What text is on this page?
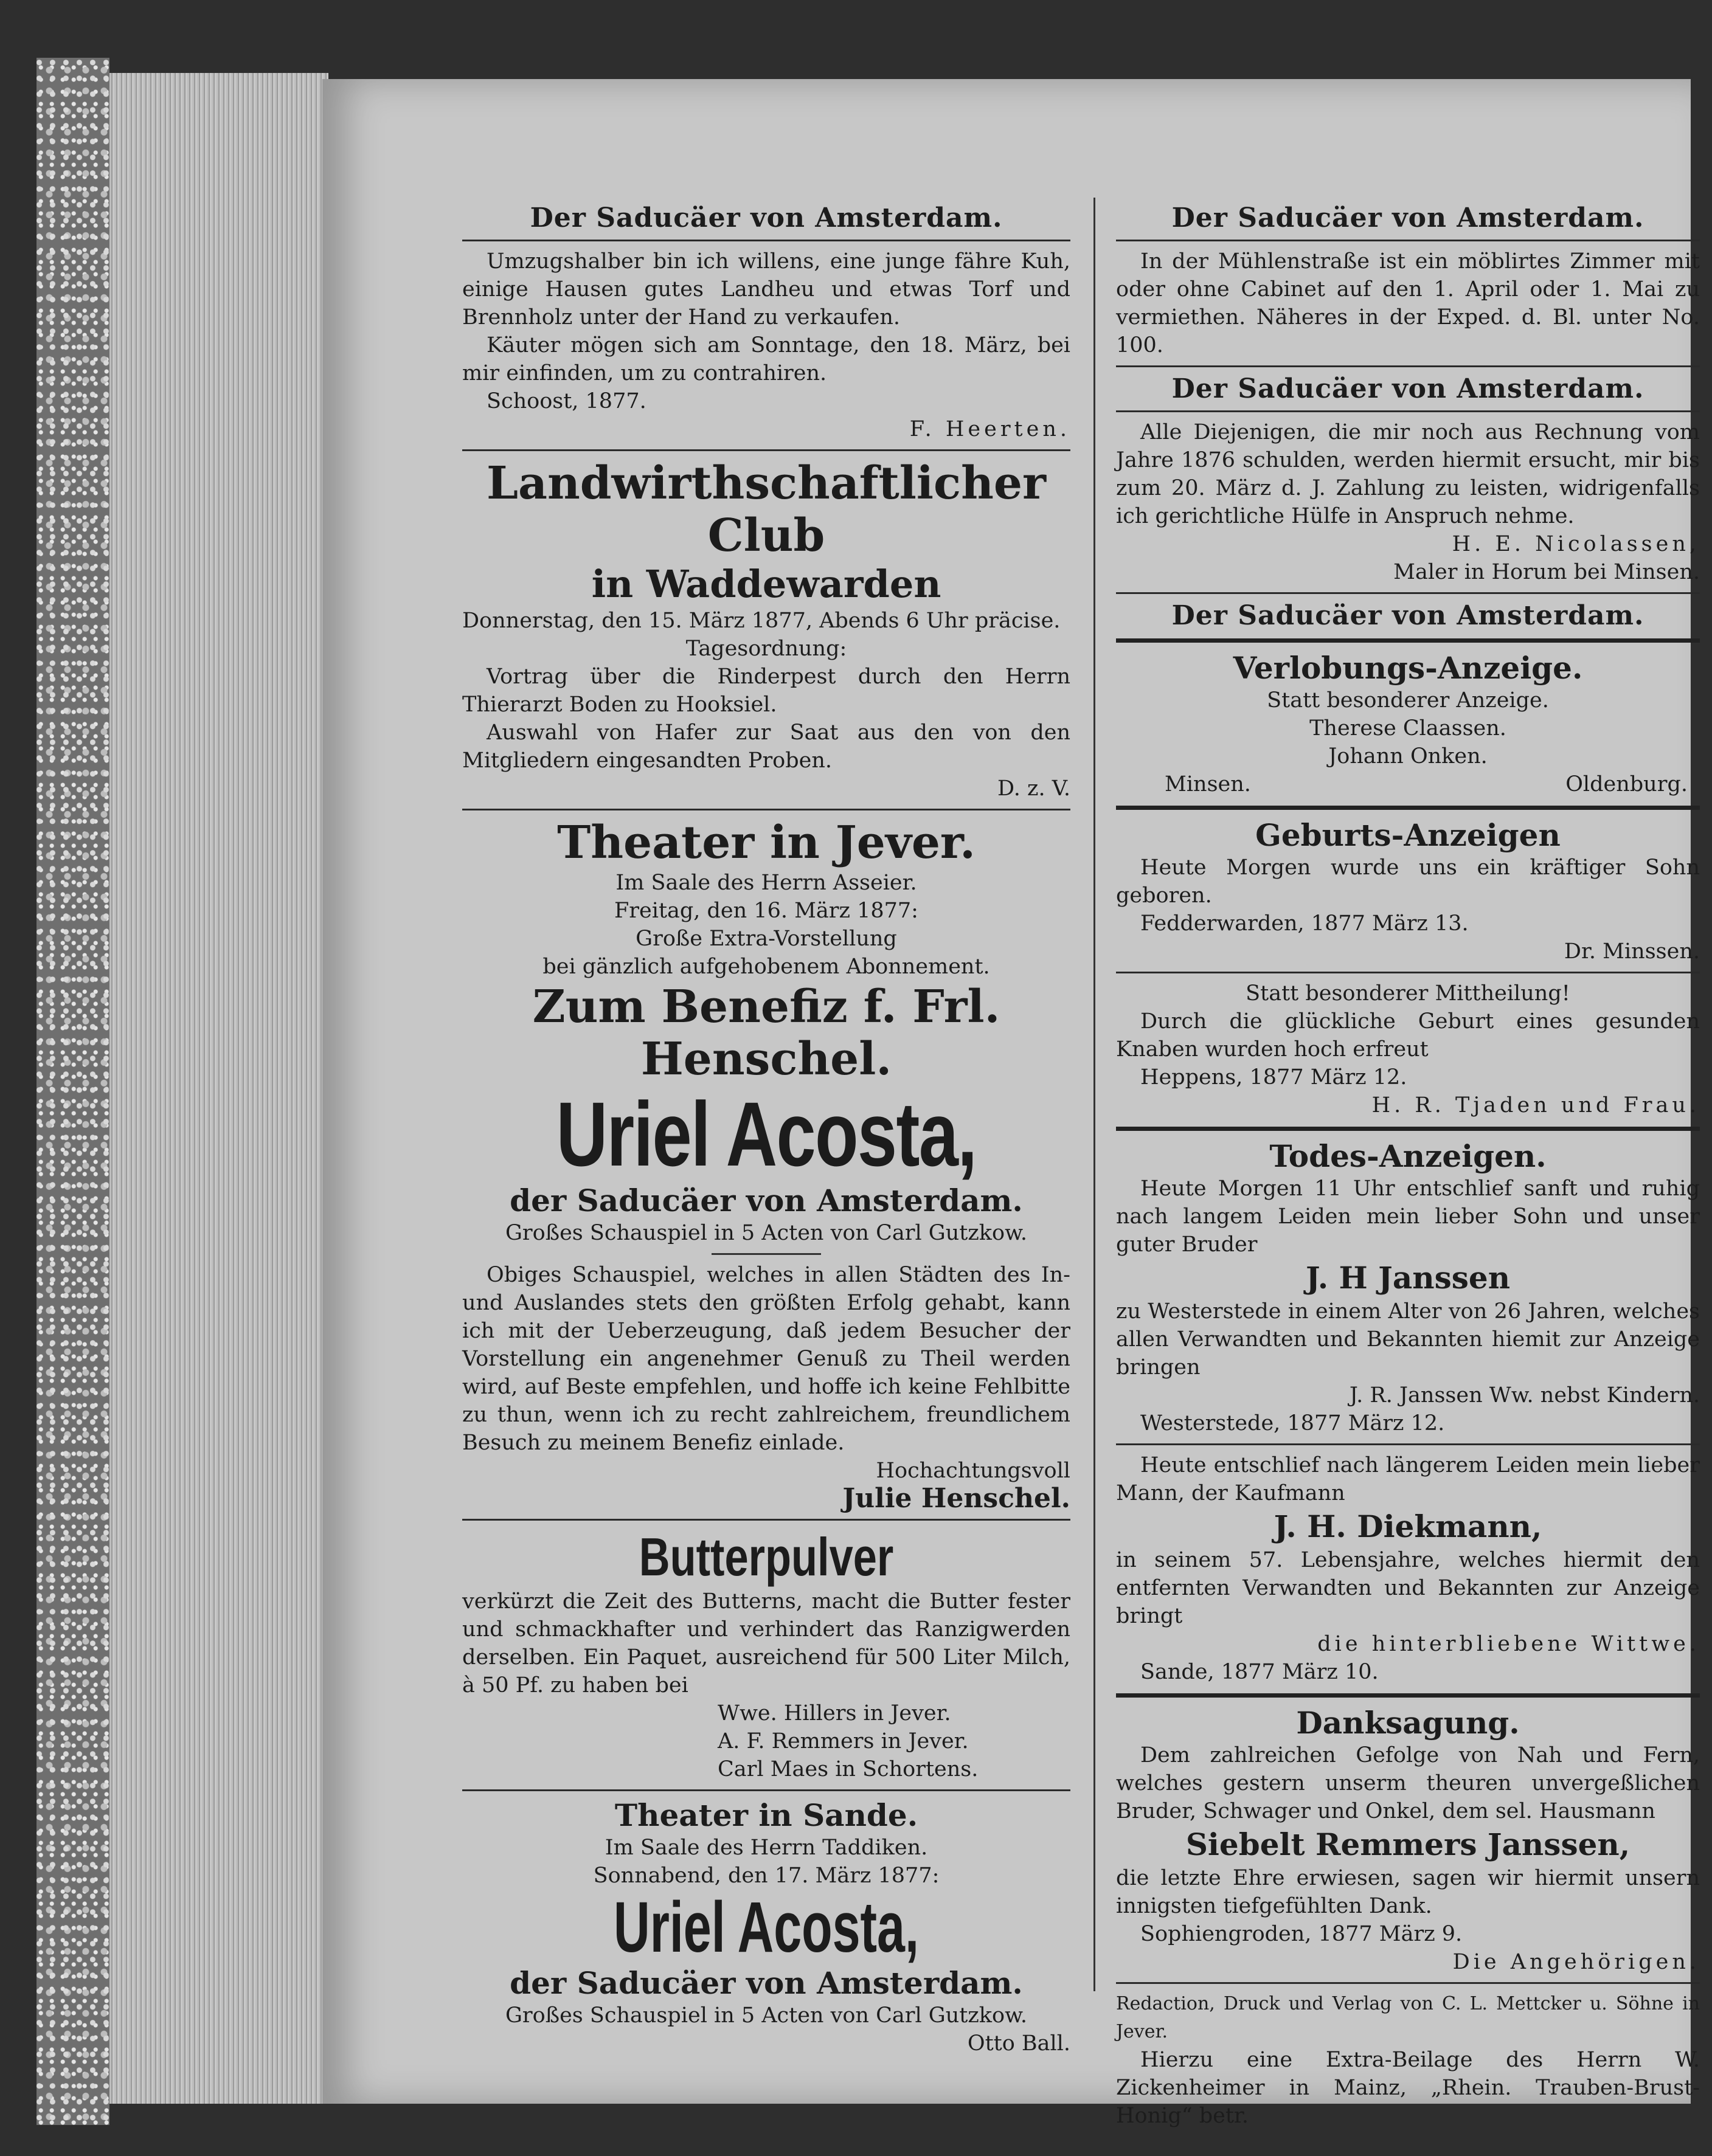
Der Saducäer von Amsterdam.
Umzugshalber bin ich willens, eine junge fähre Kuh, einige Hausen gutes Landheu und etwas Torf und Brennholz unter der Hand zu verkaufen.
Käuter mögen sich am Sonntage, den 18. März, bei mir einfinden, um zu contrahiren.
Schoost, 1877.
F. Heerten.
Landwirthschaftlicher Club
in Waddewarden
Donnerstag, den 15. März 1877, Abends 6 Uhr präcise.
Tagesordnung:
Vortrag über die Rinderpest durch den Herrn Thierarzt Boden zu Hooksiel.
Auswahl von Hafer zur Saat aus den von den Mitgliedern eingesandten Proben.
D. z. V.
Theater in Jever.
Im Saale des Herrn Asseier.
Freitag, den 16. März 1877:
Große Extra-Vorstellung
bei gänzlich aufgehobenem Abonnement.
Zum Benefiz f. Frl. Henschel.
Uriel Acosta,
der Saducäer von Amsterdam.
Großes Schauspiel in 5 Acten von Carl Gutzkow.
Obiges Schauspiel, welches in allen Städten des In- und Auslandes stets den größten Erfolg gehabt, kann ich mit der Ueberzeugung, daß jedem Besucher der Vorstellung ein angenehmer Genuß zu Theil werden wird, auf Beste empfehlen, und hoffe ich keine Fehlbitte zu thun, wenn ich zu recht zahlreichem, freundlichem Besuch zu meinem Benefiz einlade.
Hochachtungsvoll
Julie Henschel.
Butterpulver
verkürzt die Zeit des Butterns, macht die Butter fester und schmackhafter und verhindert das Ranzigwerden derselben. Ein Paquet, ausreichend für 500 Liter Milch, à 50 Pf. zu haben bei
Wwe. Hillers in Jever.
A. F. Remmers in Jever.
Carl Maes in Schortens.
Theater in Sande.
Im Saale des Herrn Taddiken.
Sonnabend, den 17. März 1877:
Uriel Acosta,
der Saducäer von Amsterdam.
Großes Schauspiel in 5 Acten von Carl Gutzkow.
Otto Ball.
Der Saducäer von Amsterdam.
In der Mühlenstraße ist ein möblirtes Zimmer mit oder ohne Cabinet auf den 1. April oder 1. Mai zu vermiethen. Näheres in der Exped. d. Bl. unter No. 100.
Der Saducäer von Amsterdam.
Alle Diejenigen, die mir noch aus Rechnung vom Jahre 1876 schulden, werden hiermit ersucht, mir bis zum 20. März d. J. Zahlung zu leisten, widrigenfalls ich gerichtliche Hülfe in Anspruch nehme.
H. E. Nicolassen,
Maler in Horum bei Minsen.
Der Saducäer von Amsterdam.
Verlobungs-Anzeige.
Statt besonderer Anzeige.
Therese Claassen.
Johann Onken.
Minsen.	Oldenburg.
Geburts-Anzeigen
Heute Morgen wurde uns ein kräftiger Sohn geboren.
Fedderwarden, 1877 März 13.
Dr. Minssen.
Statt besonderer Mittheilung!
Durch die glückliche Geburt eines gesunden Knaben wurden hoch erfreut
Heppens, 1877 März 12.
H. R. Tjaden und Frau.
Todes-Anzeigen.
Heute Morgen 11 Uhr entschlief sanft und ruhig nach langem Leiden mein lieber Sohn und unser guter Bruder
J. H Janssen
zu Westerstede in einem Alter von 26 Jahren, welches allen Verwandten und Bekannten hiemit zur Anzeige bringen
J. R. Janssen Ww. nebst Kindern.
Westerstede, 1877 März 12.
Heute entschlief nach längerem Leiden mein lieber Mann, der Kaufmann
J. H. Diekmann,
in seinem 57. Lebensjahre, welches hiermit den entfernten Verwandten und Bekannten zur Anzeige bringt
die hinterbliebene Wittwe.
Sande, 1877 März 10.
Danksagung.
Dem zahlreichen Gefolge von Nah und Fern, welches gestern unserm theuren unvergeßlichen Bruder, Schwager und Onkel, dem sel. Hausmann
Siebelt Remmers Janssen,
die letzte Ehre erwiesen, sagen wir hiermit unsern innigsten tiefgefühlten Dank.
Sophiengroden, 1877 März 9.
Die Angehörigen.
Redaction, Druck und Verlag von C. L. Mettcker u. Söhne in Jever.
Hierzu eine Extra-Beilage des Herrn W. Zickenheimer in Mainz, „Rhein. Trauben-Brust-Honig“ betr.
